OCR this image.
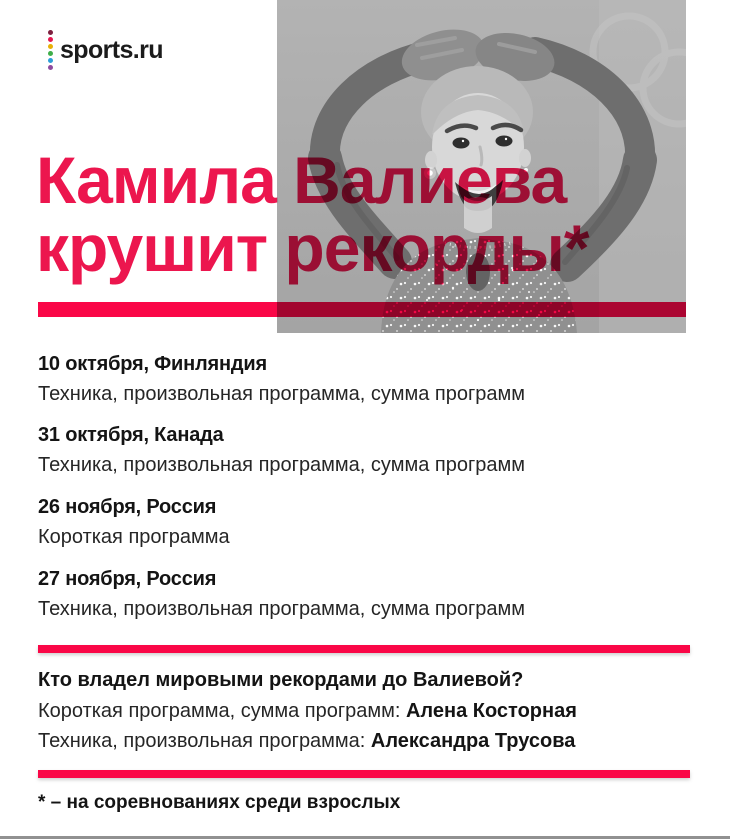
sports.ru
Камила Валиева
крушит рекорды*
10 октября, Финляндия
Техника, произвольная программа, сумма программ
31 октября, Канада
Техника, произвольная программа, сумма программ
26 ноября, Россия
Короткая программа
27 ноября, Россия
Техника, произвольная программа, сумма программ
Кто владел мировыми рекордами до Валиевой?
Короткая программа, сумма программ: Алена Косторная
Техника, произвольная программа: Александра Трусова
* – на соревнованиях среди взрослых
